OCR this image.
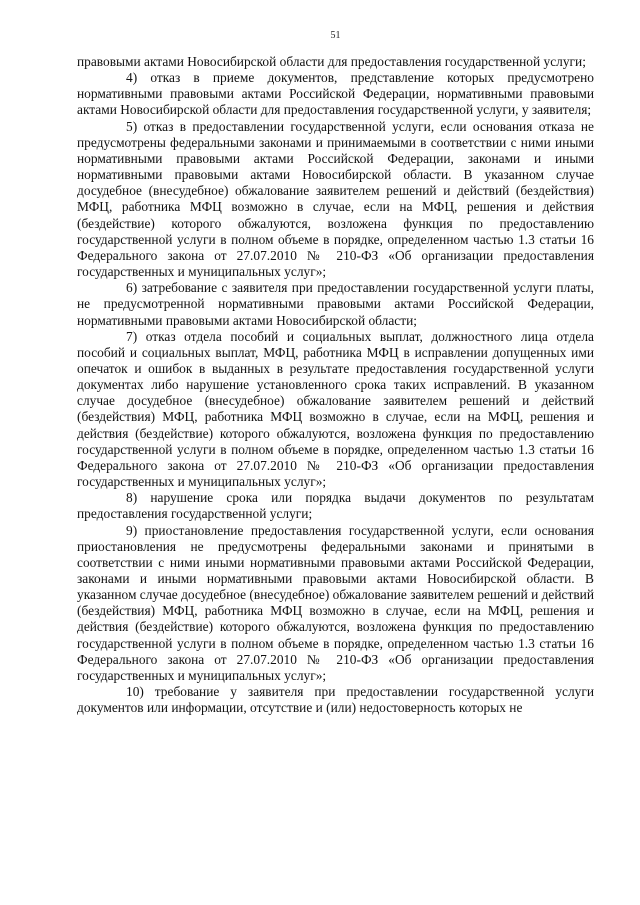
51

правовыми актами Новосибирской области для предоставления государственной услуги;

4) отказ в приеме документов, представление которых предусмотрено нормативными правовыми актами Российской Федерации, нормативными правовыми актами Новосибирской области для предоставления государственной услуги, у заявителя;

5) отказ в предоставлении государственной услуги, если основания отказа не предусмотрены федеральными законами и принимаемыми в соответствии с ними иными нормативными правовыми актами Российской Федерации, законами и иными нормативными правовыми актами Новосибирской области. В указанном случае досудебное (внесудебное) обжалование заявителем решений и действий (бездействия) МФЦ, работника МФЦ возможно в случае, если на МФЦ, решения и действия (бездействие) которого обжалуются, возложена функция по предоставлению государственной услуги в полном объеме в порядке, определенном частью 1.3 статьи 16 Федерального закона от 27.07.2010 № 210-ФЗ «Об организации предоставления государственных и муниципальных услуг»;

6) затребование с заявителя при предоставлении государственной услуги платы, не предусмотренной нормативными правовыми актами Российской Федерации, нормативными правовыми актами Новосибирской области;

7) отказ отдела пособий и социальных выплат, должностного лица отдела пособий и социальных выплат, МФЦ, работника МФЦ в исправлении допущенных ими опечаток и ошибок в выданных в результате предоставления государственной услуги документах либо нарушение установленного срока таких исправлений. В указанном случае досудебное (внесудебное) обжалование заявителем решений и действий (бездействия) МФЦ, работника МФЦ возможно в случае, если на МФЦ, решения и действия (бездействие) которого обжалуются, возложена функция по предоставлению государственной услуги в полном объеме в порядке, определенном частью 1.3 статьи 16 Федерального закона от 27.07.2010 № 210-ФЗ «Об организации предоставления государственных и муниципальных услуг»;

8) нарушение срока или порядка выдачи документов по результатам предоставления государственной услуги;

9) приостановление предоставления государственной услуги, если основания приостановления не предусмотрены федеральными законами и принятыми в соответствии с ними иными нормативными правовыми актами Российской Федерации, законами и иными нормативными правовыми актами Новосибирской области. В указанном случае досудебное (внесудебное) обжалование заявителем решений и действий (бездействия) МФЦ, работника МФЦ возможно в случае, если на МФЦ, решения и действия (бездействие) которого обжалуются, возложена функция по предоставлению государственной услуги в полном объеме в порядке, определенном частью 1.3 статьи 16 Федерального закона от 27.07.2010 № 210-ФЗ «Об организации предоставления государственных и муниципальных услуг»;

10) требование у заявителя при предоставлении государственной услуги документов или информации, отсутствие и (или) недостоверность которых не
